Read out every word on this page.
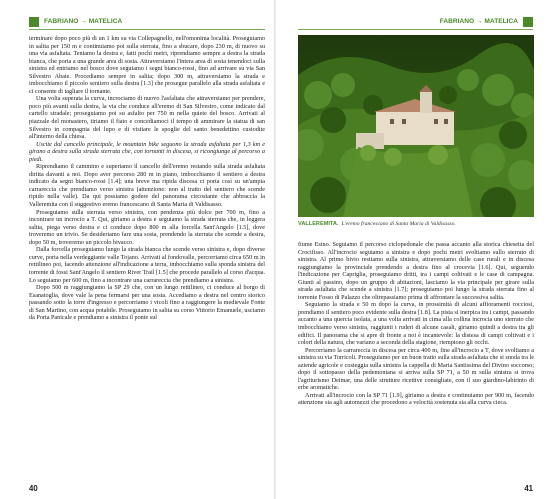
FABRIANO → MATELICA

terminare dopo poco più di un 1 km su via Collepagnello, nell'omonima località. Proseguiamo in salita per 150 m e continuiamo poi sulla sterrata, fino a sbucare, dopo 230 m, di nuovo su una via asfaltata. Teniamo la destra e, fatti pochi metri, riprendiamo sempre a destra la strada bianca, che porta a una grande area di sosta. Attraversiamo l'intera area di sosta tenendoci sulla sinistra ed entriamo nel bosco dove seguiamo i segni bianco-rossi, fino ad arrivare su via San Silvestro Abate. Procediamo sempre in salita; dopo 300 m, attraversiamo la strada e imbocchiamo il piccolo sentiero sulla destra [1.3] che prosegue parallelo alla strada asfaltata e ci consente di tagliare il tornante.

Una volta superata la curva, incrociamo di nuovo l'asfaltata che attraversiamo per prendere, poco più avanti sulla destra, la via che conduce all'eremo di San Silvestro, come indicato dal cartello stradale; proseguiamo poi su asfalto per 750 m nella quiete del bosco. Arrivati al piazzale del monastero, tiriamo il fiato e concediamoci il tempo di ammirare la statua di san Silvestro in compagnia del lupo e di visitare le spoglie del santo benedettino custodite all'interno della chiesa.

Uscite dal cancello principale, le mountain bike seguono la strada asfaltata per 1,3 km e girano a destra sulla strada sterrata che, con tornanti in discesa, si ricongiunge al percorso a piedi.

Riprendiamo il cammino e superiamo il cancello dell'eremo restando sulla strada asfaltata diritta davanti a noi. Dopo aver percorso 280 m in piano, imbocchiamo il sentiero a destra indicato da segni bianco-rossi [1.4]; una breve ma ripida discesa ci porta così su un'ampia carrareccia che prendiamo verso sinistra (attenzione: non al tratto del sentiero che scende ripido nella valle). Da qui possiamo godere del panorama circostante che abbraccia la Valleremita con il suggestivo eremo francescano di Santa Maria di Valdisasso.

Proseguiamo sulla sterrata verso sinistra, con pendenza più dolce per 700 m, fino a incontrare un incrocio a T. Qui, giriamo a destra e seguiamo la strada sterrata che, in leggera salita, piega verso destra e ci conduce dopo 800 m alla forcella Sant'Angelo [1.5], dove troveremo un trivio. Se desideriamo fare una sosta, prendendo la sterrata che scende a destra, dopo 50 m, troveremo un piccolo bivacco.

Dalla forcella proseguiamo lungo la strada bianca che scende verso sinistra e, dopo diverse curve, porta nella verdeggiante valle Tojano. Arrivati al fondovalle, percorriamo circa 650 m in rettilineo poi, facendo attenzione all'indicazione a terra, imbocchiamo sulla sponda sinistra del torrente di fossi Sant'Angelo il sentiero River Trail [1.5] che procede parallelo al corso d'acqua. Lo seguiamo per 600 m, fino a incontrare una carrareccia che prendiamo a sinistra.

Dopo 500 m raggiungiamo la SP 29 che, con un lungo rettilineo, ci conduce al borgo di Esanatoglia, dove vale la pena fermarsi per una sosta. Accediamo a destra nel centro storico passando sotto la torre d'ingresso e percorriamo i vicoli fino a raggiungere la medievale Fonte di San Martino, con acqua potabile. Proseguiamo in salita su corso Vittorio Emanuele, usciamo da Porta Panicale e prendiamo a sinistra il ponte sul

40
FABRIANO → MATELICA
VALLEREMITA. L'eremo francescano di Santa Maria di Valdisasso.

fiume Esino. Seguiamo il percorso ciclopedonale che passa accanto alla storica chiesetta del Crocifisso. All'incrocio seguiamo a sinistra e dopo pochi metri svoltiamo sullo sterrato di sinistra. Al primo bivio restiamo sulla sinistra, attraversiamo delle case rurali e in discesa raggiungiamo la provinciale prendendo a destra fino al crocevia [1.6]. Qui, seguendo l'indicazione per Capriglia, proseguiamo dritti, tra i campi coltivati e le case di campagna. Giunti al passino, dopo un gruppo di abitazioni, lasciamo la via principale per girare sulla strada asfaltata che scende a sinistra [1.7]; proseguiamo poi lungo la strada sterrata fino al torrente Fosso di Palazzo che oltrepassiamo prima di affrontare la successiva salita.

Seguiamo la strada e 50 m dopo la curva, in prossimità di alcuni affioramenti rocciosi, prendiamo il sentiero poco evidente sulla destra [1.8]. La pista si inerpica tra i campi, passando accanto a una quercia isolata, a una volta arrivati in cima alla collina incrocia uno sterrato che imbocchiamo verso sinistra, raggiunti i ruderi di alcune casali, giriamo quindi a destra tra gli edifici. Il panorama che si apre di fronte a noi è incantevole: la distesa di campi coltivati e i colori della natura, che variano a seconda della stagione, riempiono gli occhi.

Percorriamo la carrareccia in discesa per circa 400 m, fine all'incrocio a T, dove svoltiamo a sinistra su via Torricoli. Proseguiamo per un buon tratto sulla strada asfaltata che si snoda tra le aziende agricole e costeggia sulla sinistra la cappella di Maria Santissima del Divino soccorso; dopo il sottopasso della pedemontana si arriva sulla SP 71, a 50 m sulla sinistra si trova l'agriturismo Deimar, una delle strutture ricettive consigliate, con il suo giardino-labirinto di erbe aromatiche.

Arrivati all'incrocio con la SP 71 [1.9], giriamo a destra e continuiamo per 900 m, facendo attenzione sia agli automezzi che procedono a velocità sostenuta sia alla curva cieca.

41
